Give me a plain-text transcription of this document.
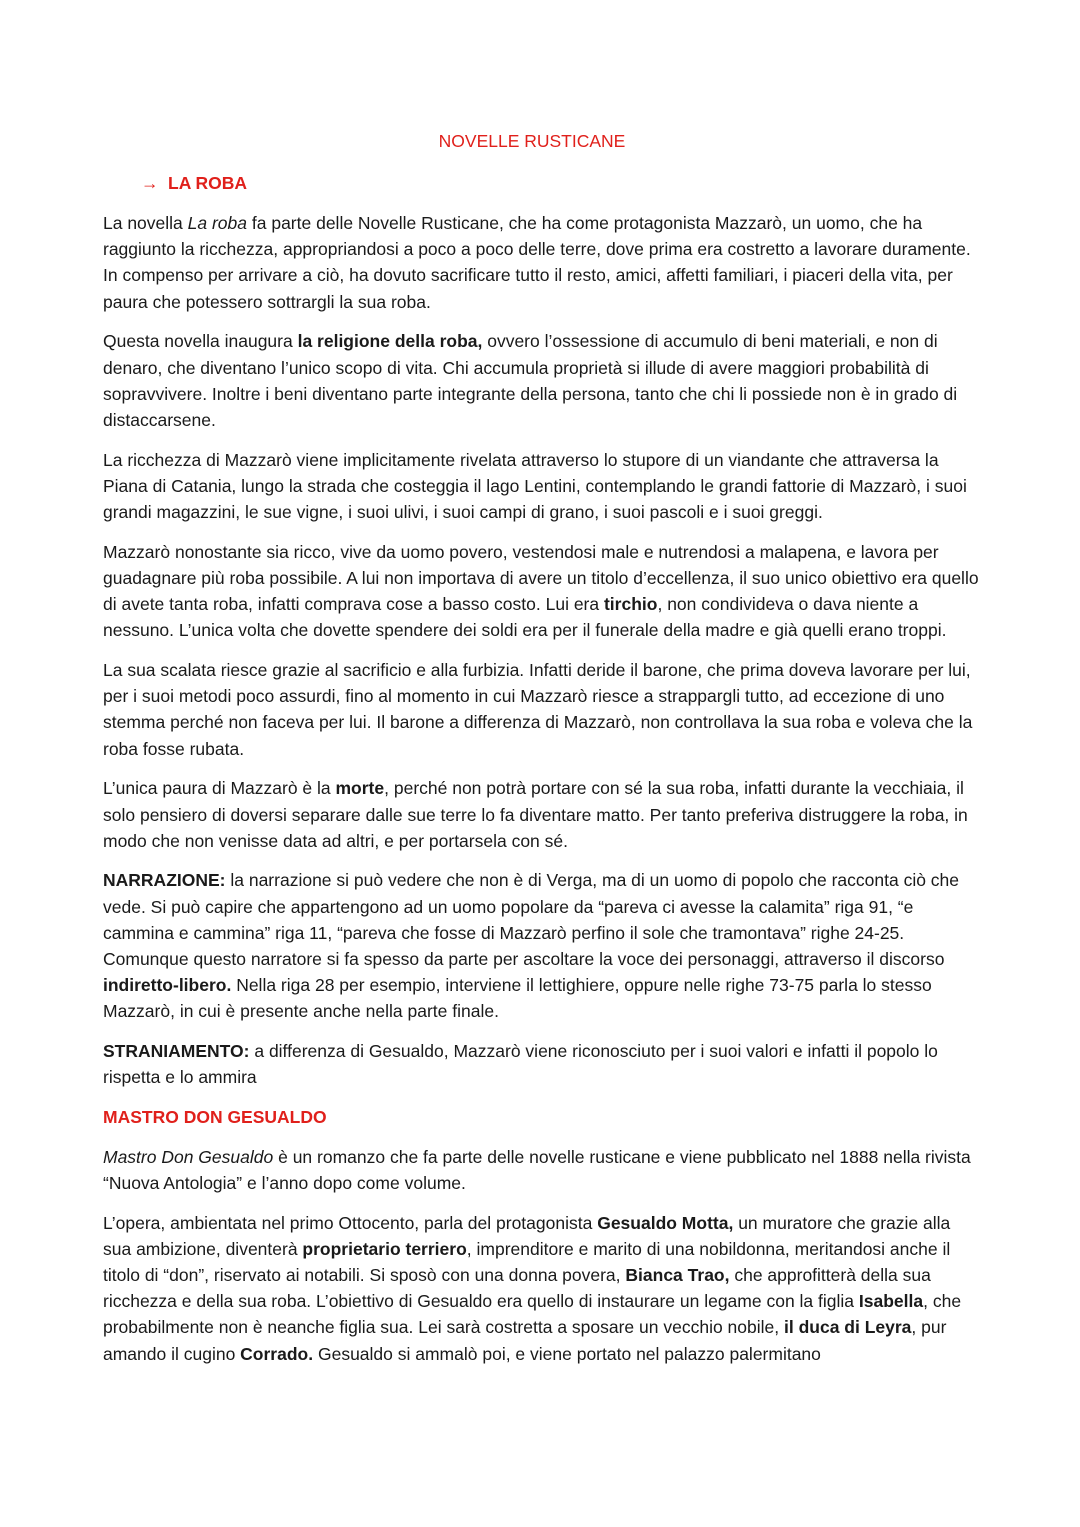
NOVELLE RUSTICANE
→ LA ROBA

La novella La roba fa parte delle Novelle Rusticane, che ha come protagonista Mazzarò, un uomo, che ha raggiunto la ricchezza, appropriandosi a poco a poco delle terre, dove prima era costretto a lavorare duramente. In compenso per arrivare a ciò, ha dovuto sacrificare tutto il resto, amici, affetti familiari, i piaceri della vita, per paura che potessero sottrargli la sua roba.

Questa novella inaugura la religione della roba, ovvero l’ossessione di accumulo di beni materiali, e non di denaro, che diventano l’unico scopo di vita. Chi accumula proprietà si illude di avere maggiori probabilità di sopravvivere. Inoltre i beni diventano parte integrante della persona, tanto che chi li possiede non è in grado di distaccarsene.

La ricchezza di Mazzarò viene implicitamente rivelata attraverso lo stupore di un viandante che attraversa la Piana di Catania, lungo la strada che costeggia il lago Lentini, contemplando le grandi fattorie di Mazzarò, i suoi grandi magazzini, le sue vigne, i suoi ulivi, i suoi campi di grano, i suoi pascoli e i suoi greggi.

Mazzarò nonostante sia ricco, vive da uomo povero, vestendosi male e nutrendosi a malapena, e lavora per guadagnare più roba possibile. A lui non importava di avere un titolo d’eccellenza, il suo unico obiettivo era quello di avete tanta roba, infatti comprava cose a basso costo. Lui era tirchio, non condivideva o dava niente a nessuno. L’unica volta che dovette spendere dei soldi era per il funerale della madre e già quelli erano troppi.

La sua scalata riesce grazie al sacrificio e alla furbizia. Infatti deride il barone, che prima doveva lavorare per lui, per i suoi metodi poco assurdi, fino al momento in cui Mazzarò riesce a strappargli tutto, ad eccezione di uno stemma perché non faceva per lui. Il barone a differenza di Mazzarò, non controllava la sua roba e voleva che la roba fosse rubata.

L’unica paura di Mazzarò è la morte, perché non potrà portare con sé la sua roba, infatti durante la vecchiaia, il solo pensiero di doversi separare dalle sue terre lo fa diventare matto. Per tanto preferiva distruggere la roba, in modo che non venisse data ad altri, e per portarsela con sé.

NARRAZIONE: la narrazione si può vedere che non è di Verga, ma di un uomo di popolo che racconta ciò che vede. Si può capire che appartengono ad un uomo popolare da “pareva ci avesse la calamita” riga 91, “e cammina e cammina” riga 11, “pareva che fosse di Mazzarò perfino il sole che tramontava” righe 24-25. Comunque questo narratore si fa spesso da parte per ascoltare la voce dei personaggi, attraverso il discorso indiretto-libero. Nella riga 28 per esempio, interviene il lettighiere, oppure nelle righe 73-75 parla lo stesso Mazzarò, in cui è presente anche nella parte finale.

STRANIAMENTO: a differenza di Gesualdo, Mazzarò viene riconosciuto per i suoi valori e infatti il popolo lo rispetta e lo ammira

MASTRO DON GESUALDO

Mastro Don Gesualdo è un romanzo che fa parte delle novelle rusticane e viene pubblicato nel 1888 nella rivista “Nuova Antologia” e l’anno dopo come volume.

L’opera, ambientata nel primo Ottocento, parla del protagonista Gesualdo Motta, un muratore che grazie alla sua ambizione, diventerà proprietario terriero, imprenditore e marito di una nobildonna, meritandosi anche il titolo di “don”, riservato ai notabili. Si sposò con una donna povera, Bianca Trao, che approfitterà della sua ricchezza e della sua roba. L’obiettivo di Gesualdo era quello di instaurare un legame con la figlia Isabella, che probabilmente non è neanche figlia sua. Lei sarà costretta a sposare un vecchio nobile, il duca di Leyra, pur amando il cugino Corrado. Gesualdo si ammalò poi, e viene portato nel palazzo palermitano
